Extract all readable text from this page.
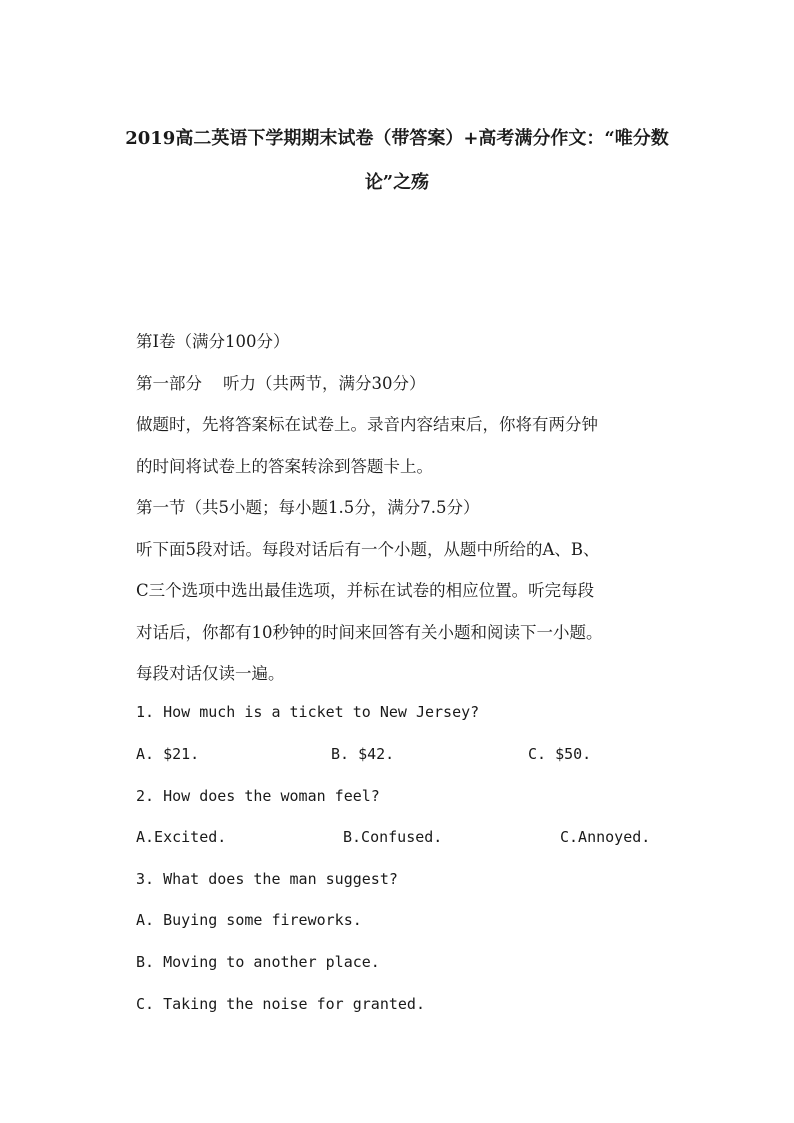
2019高二英语下学期期末试卷（带答案）+高考满分作文：“唯分数
论”之殇
第Ⅰ卷（满分100分）
第一部分    听力（共两节，满分30分）
做题时，先将答案标在试卷上。录音内容结束后，你将有两分钟
的时间将试卷上的答案转涂到答题卡上。
第一节（共5小题；每小题1.5分，满分7.5分）
听下面5段对话。每段对话后有一个小题，从题中所给的A、B、
C三个选项中选出最佳选项，并标在试卷的相应位置。听完每段
对话后，你都有10秒钟的时间来回答有关小题和阅读下一小题。
每段对话仅读一遍。
1. How much is a ticket to New Jersey?
A. $21.	B. $42.	C. $50.
2. How does the woman feel?
A.Excited.	B.Confused.	C.Annoyed.
3. What does the man suggest?
A. Buying some fireworks.
B. Moving to another place.
C. Taking the noise for granted.
